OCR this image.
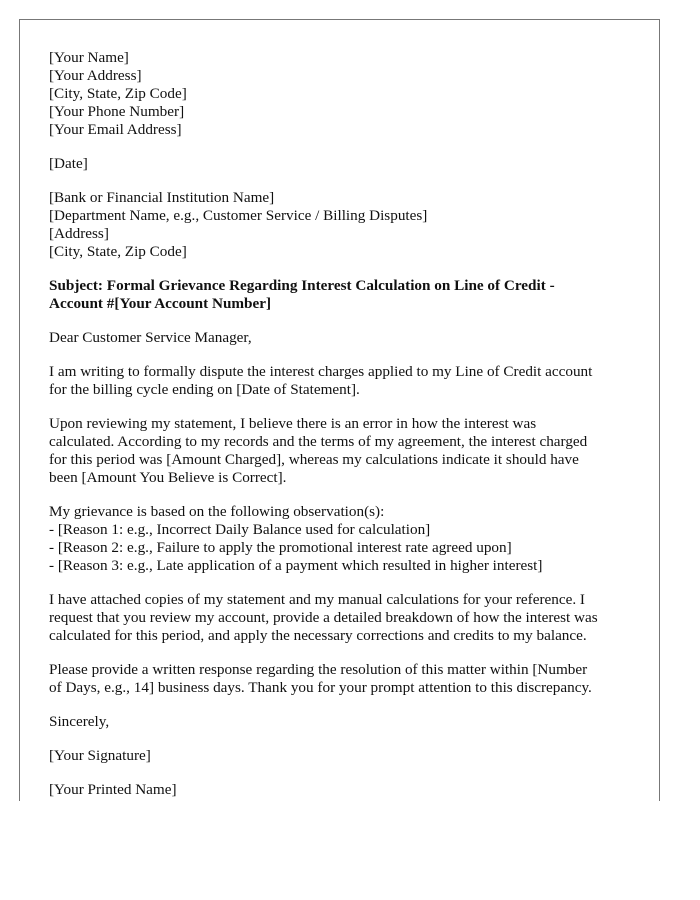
[Your Name]
[Your Address]
[City, State, Zip Code]
[Your Phone Number]
[Your Email Address]
[Date]
[Bank or Financial Institution Name]
[Department Name, e.g., Customer Service / Billing Disputes]
[Address]
[City, State, Zip Code]
Subject: Formal Grievance Regarding Interest Calculation on Line of Credit -
Account #[Your Account Number]
Dear Customer Service Manager,
I am writing to formally dispute the interest charges applied to my Line of Credit account
for the billing cycle ending on [Date of Statement].
Upon reviewing my statement, I believe there is an error in how the interest was
calculated. According to my records and the terms of my agreement, the interest charged
for this period was [Amount Charged], whereas my calculations indicate it should have
been [Amount You Believe is Correct].
My grievance is based on the following observation(s):
- [Reason 1: e.g., Incorrect Daily Balance used for calculation]
- [Reason 2: e.g., Failure to apply the promotional interest rate agreed upon]
- [Reason 3: e.g., Late application of a payment which resulted in higher interest]
I have attached copies of my statement and my manual calculations for your reference. I
request that you review my account, provide a detailed breakdown of how the interest was
calculated for this period, and apply the necessary corrections and credits to my balance.
Please provide a written response regarding the resolution of this matter within [Number
of Days, e.g., 14] business days. Thank you for your prompt attention to this discrepancy.
Sincerely,
[Your Signature]
[Your Printed Name]
